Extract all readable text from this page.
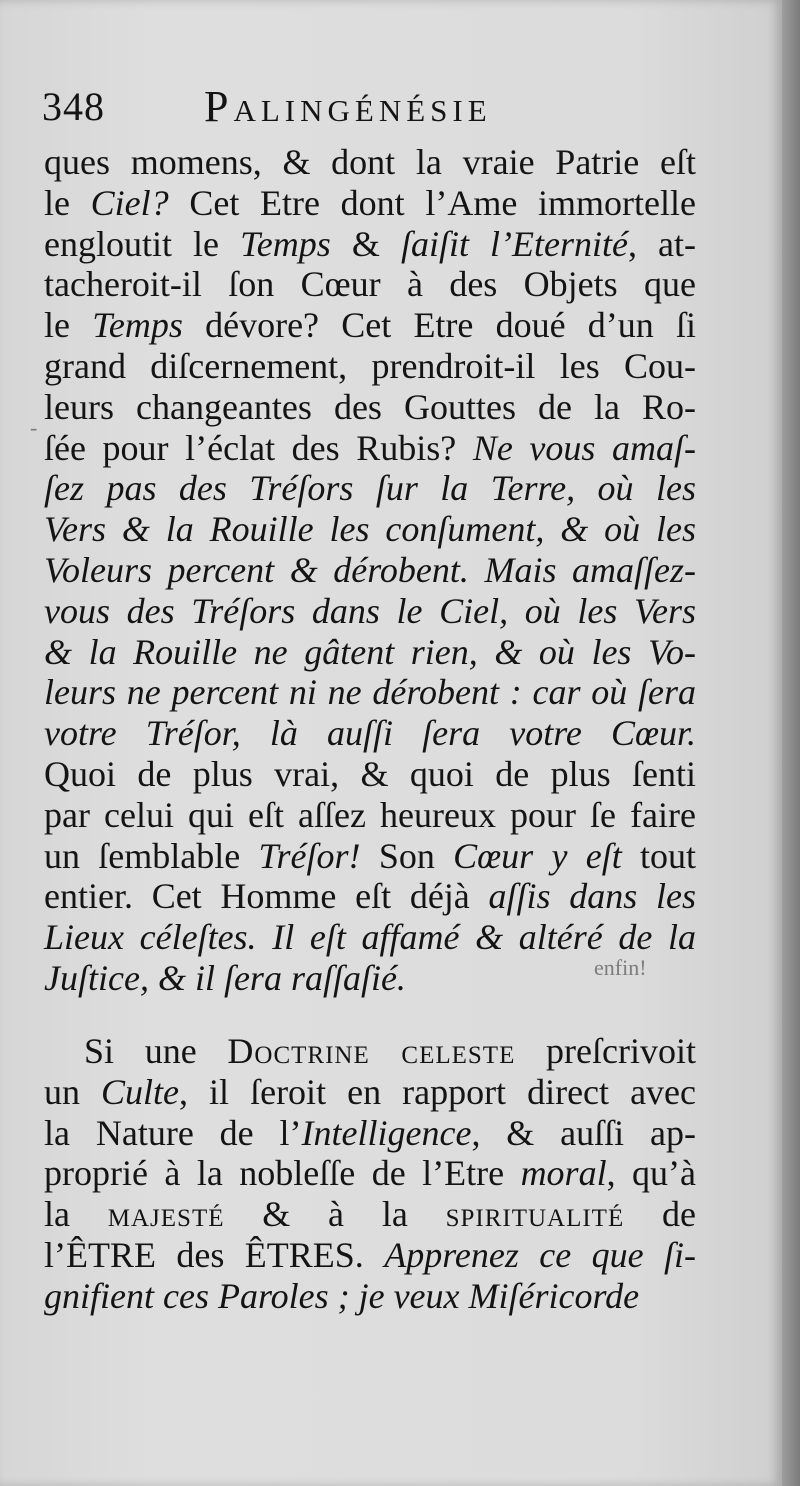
348 Palingénésie
ques momens, & dont la vraie Patrie eſt
le Ciel? Cet Etre dont l’Ame immortelle
engloutit le Temps & ſaiſit l’Eternité, at-
tacheroit-il ſon Cœur à des Objets que
le Temps dévore? Cet Etre doué d’un ſi
grand diſcernement, prendroit-il les Cou-
leurs changeantes des Gouttes de la Ro-
ſée pour l’éclat des Rubis? Ne vous amaſ-
ſez pas des Tréſors ſur la Terre, où les
Vers & la Rouille les conſument, & où les
Voleurs percent & dérobent. Mais amaſſez-
vous des Tréſors dans le Ciel, où les Vers
& la Rouille ne gâtent rien, & où les Vo-
leurs ne percent ni ne dérobent : car où ſera
votre Tréſor, là auſſi ſera votre Cœur.
Quoi de plus vrai, & quoi de plus ſenti
par celui qui eſt aſſez heureux pour ſe faire
un ſemblable Tréſor! Son Cœur y eſt tout
entier. Cet Homme eſt déjà aſſis dans les
Lieux céleſtes. Il eſt affamé & altéré de la
Juſtice, & il ſera raſſaſié.
Si une Doctrine celeste preſcrivoit
un Culte, il ſeroit en rapport direct avec
la Nature de l’Intelligence, & auſſi ap-
proprié à la nobleſſe de l’Etre moral, qu’à
la majesté & à la spiritualité de
l’ÊTRE des ÊTRES. Apprenez ce que ſi-
gnifient ces Paroles ; je veux Miſéricorde
enfin!
-
